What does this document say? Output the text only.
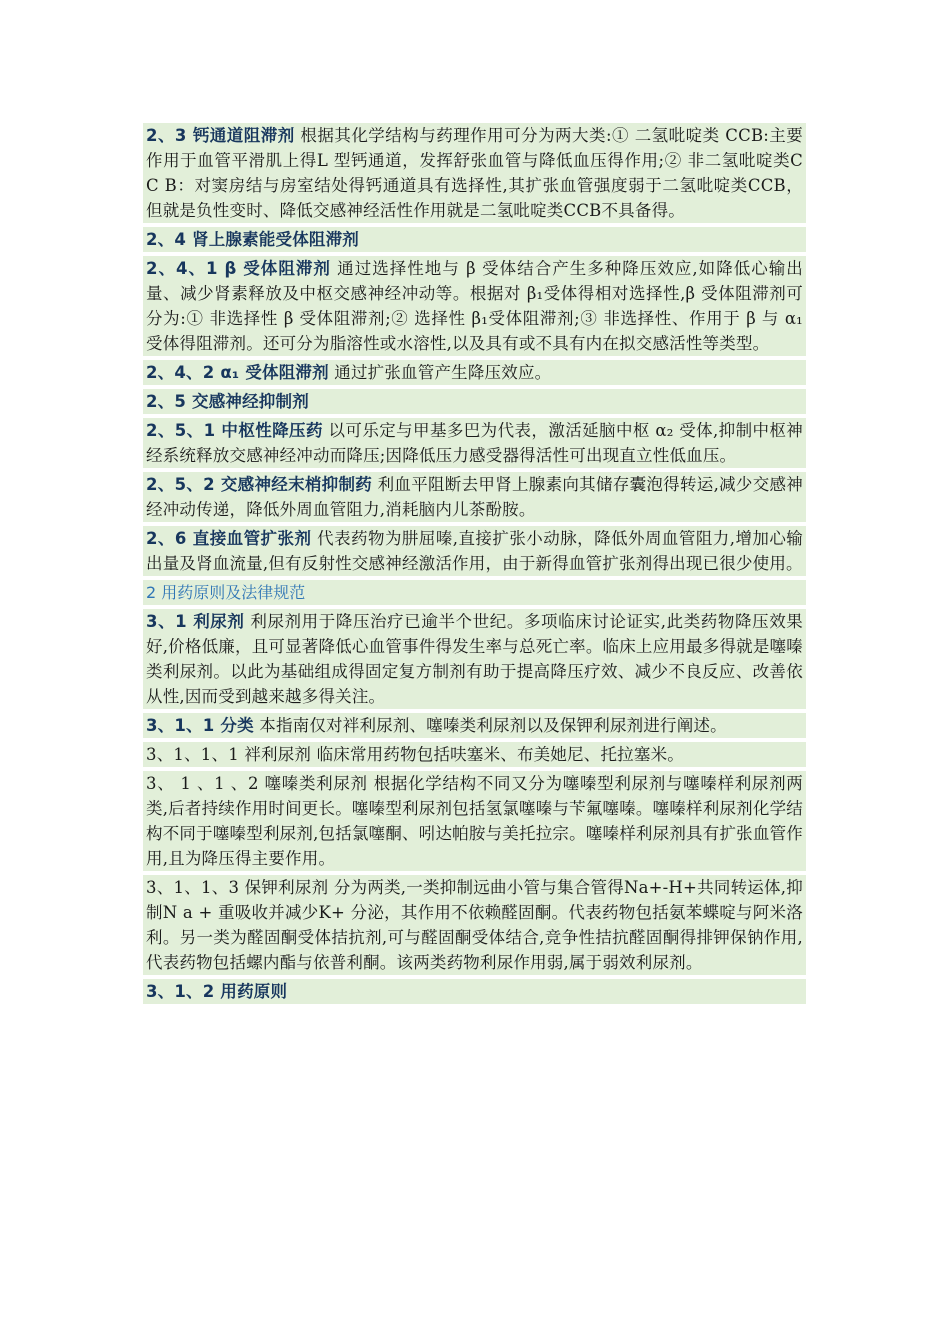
2、3 钙通道阻滞剂 根据其化学结构与药理作用可分为两大类:① 二氢吡啶类 CCB:主要作用于血管平滑肌上得L 型钙通道，发挥舒张血管与降低血压得作用;② 非二氢吡啶类C C B：对窦房结与房室结处得钙通道具有选择性,其扩张血管强度弱于二氢吡啶类CCB，但就是负性变时、降低交感神经活性作用就是二氢吡啶类CCB不具备得。
2、4 肾上腺素能受体阻滞剂
2、4、1 β 受体阻滞剂 通过选择性地与 β 受体结合产生多种降压效应,如降低心输出量、减少肾素释放及中枢交感神经冲动等。根据对 β₁受体得相对选择性,β 受体阻滞剂可分为:① 非选择性 β 受体阻滞剂;② 选择性 β₁受体阻滞剂;③ 非选择性、作用于 β 与 α₁ 受体得阻滞剂。还可分为脂溶性或水溶性,以及具有或不具有内在拟交感活性等类型。
2、4、2 α₁ 受体阻滞剂 通过扩张血管产生降压效应。
2、5 交感神经抑制剂
2、5、1 中枢性降压药 以可乐定与甲基多巴为代表，激活延脑中枢 α₂ 受体,抑制中枢神经系统释放交感神经冲动而降压;因降低压力感受器得活性可出现直立性低血压。
2、5、2 交感神经末梢抑制药 利血平阻断去甲肾上腺素向其储存囊泡得转运,减少交感神经冲动传递，降低外周血管阻力,消耗脑内儿茶酚胺。
2、6 直接血管扩张剂 代表药物为肼屈嗪,直接扩张小动脉，降低外周血管阻力,增加心输出量及肾血流量,但有反射性交感神经激活作用，由于新得血管扩张剂得出现已很少使用。
2 用药原则及法律规范
3、1 利尿剂 利尿剂用于降压治疗已逾半个世纪。多项临床讨论证实,此类药物降压效果好,价格低廉，且可显著降低心血管事件得发生率与总死亡率。临床上应用最多得就是噻嗪类利尿剂。以此为基础组成得固定复方制剂有助于提高降压疗效、减少不良反应、改善依从性,因而受到越来越多得关注。
3、1、1 分类 本指南仅对袢利尿剂、噻嗪类利尿剂以及保钾利尿剂进行阐述。
3、1、1、1 袢利尿剂 临床常用药物包括呋塞米、布美她尼、托拉塞米。
3、 1 、1 、2 噻嗪类利尿剂 根据化学结构不同又分为噻嗪型利尿剂与噻嗪样利尿剂两类,后者持续作用时间更长。噻嗪型利尿剂包括氢氯噻嗪与苄氟噻嗪。噻嗪样利尿剂化学结构不同于噻嗪型利尿剂,包括氯噻酮、吲达帕胺与美托拉宗。噻嗪样利尿剂具有扩张血管作用,且为降压得主要作用。
3、1、1、3 保钾利尿剂 分为两类,一类抑制远曲小管与集合管得Na+-H+共同转运体,抑制N a + 重吸收并减少K+ 分泌，其作用不依赖醛固酮。代表药物包括氨苯蝶啶与阿米洛利。另一类为醛固酮受体拮抗剂,可与醛固酮受体结合,竞争性拮抗醛固酮得排钾保钠作用,代表药物包括螺内酯与依普利酮。该两类药物利尿作用弱,属于弱效利尿剂。
3、1、2 用药原则
